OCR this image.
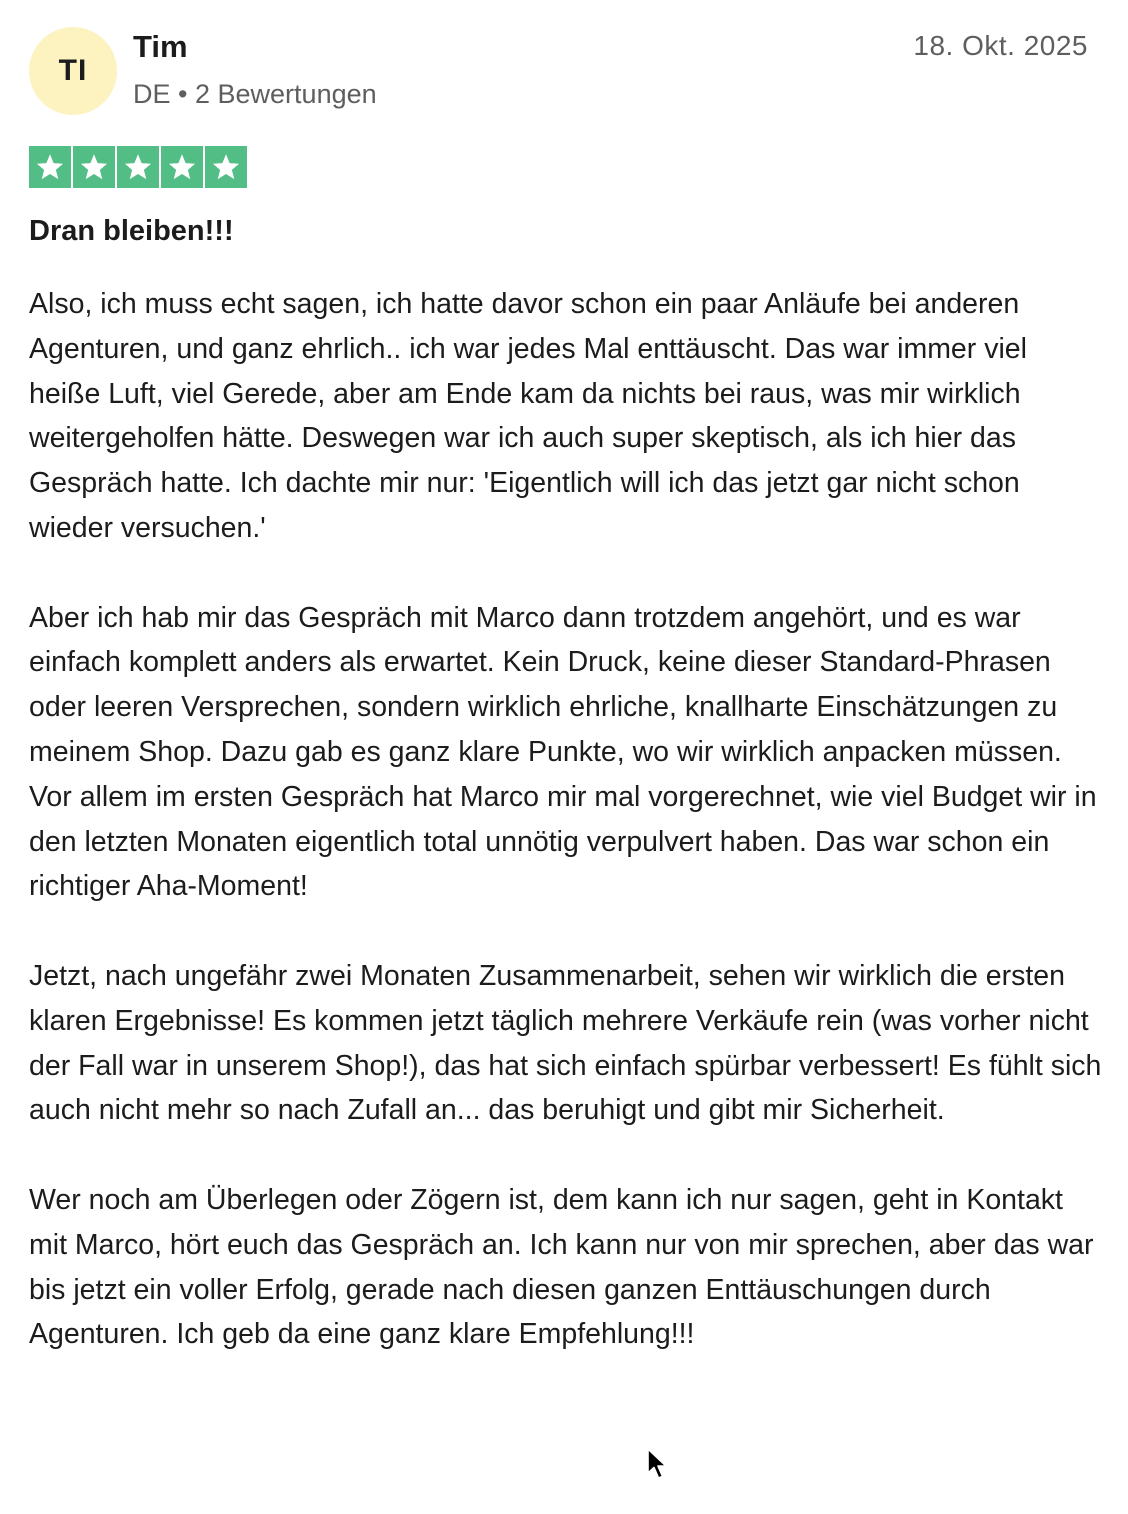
TI
Tim
DE • 2 Bewertungen
18. Okt. 2025
Dran bleiben!!!

Also, ich muss echt sagen, ich hatte davor schon ein paar Anläufe bei anderen Agenturen, und ganz ehrlich.. ich war jedes Mal enttäuscht. Das war immer viel heiße Luft, viel Gerede, aber am Ende kam da nichts bei raus, was mir wirklich weitergeholfen hätte. Deswegen war ich auch super skeptisch, als ich hier das Gespräch hatte. Ich dachte mir nur: 'Eigentlich will ich das jetzt gar nicht schon wieder versuchen.'

Aber ich hab mir das Gespräch mit Marco dann trotzdem angehört, und es war einfach komplett anders als erwartet. Kein Druck, keine dieser Standard-Phrasen oder leeren Versprechen, sondern wirklich ehrliche, knallharte Einschätzungen zu meinem Shop. Dazu gab es ganz klare Punkte, wo wir wirklich anpacken müssen. Vor allem im ersten Gespräch hat Marco mir mal vorgerechnet, wie viel Budget wir in den letzten Monaten eigentlich total unnötig verpulvert haben. Das war schon ein richtiger Aha-Moment!

Jetzt, nach ungefähr zwei Monaten Zusammenarbeit, sehen wir wirklich die ersten klaren Ergebnisse! Es kommen jetzt täglich mehrere Verkäufe rein (was vorher nicht der Fall war in unserem Shop!), das hat sich einfach spürbar verbessert! Es fühlt sich auch nicht mehr so nach Zufall an... das beruhigt und gibt mir Sicherheit.

Wer noch am Überlegen oder Zögern ist, dem kann ich nur sagen, geht in Kontakt mit Marco, hört euch das Gespräch an. Ich kann nur von mir sprechen, aber das war bis jetzt ein voller Erfolg, gerade nach diesen ganzen Enttäuschungen durch Agenturen. Ich geb da eine ganz klare Empfehlung!!!
